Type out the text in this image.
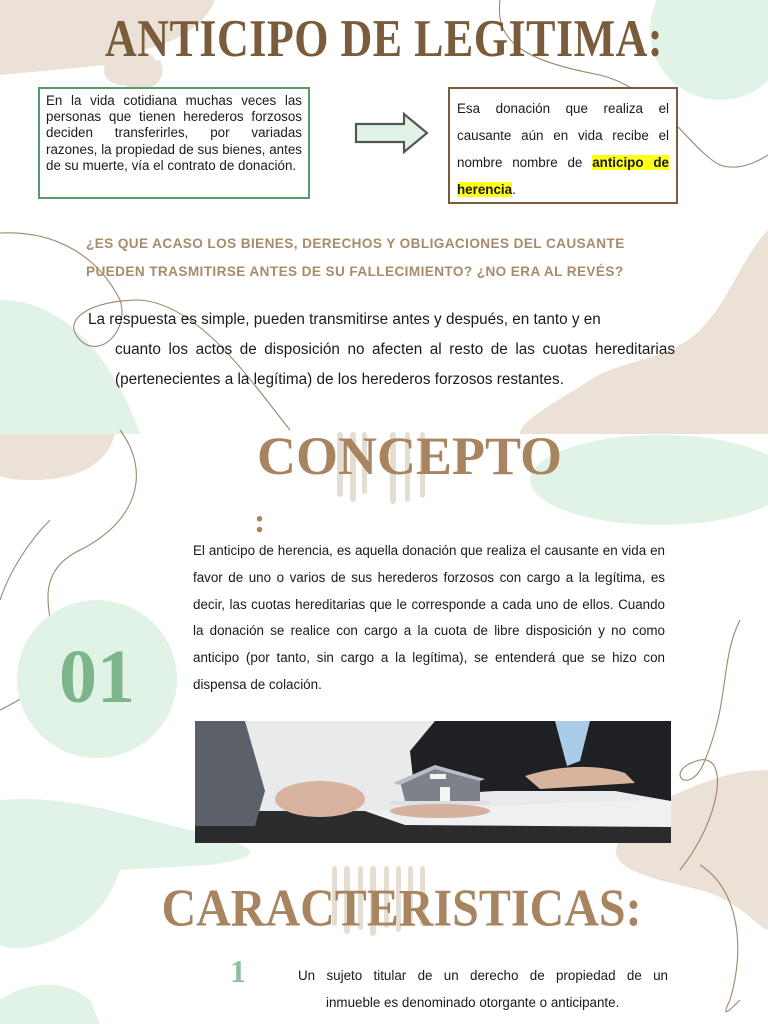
ANTICIPO DE LEGITIMA:
En la vida cotidiana muchas veces las personas que tienen herederos forzosos deciden transferirles, por variadas razones, la propiedad de sus bienes, antes de su muerte, vía el contrato de donación.
Esa donación que realiza el causante aún en vida recibe el nombre nombre de anticipo de herencia.
¿ES QUE ACASO LOS BIENES, DERECHOS Y OBLIGACIONES DEL CAUSANTE PUEDEN TRASMITIRSE ANTES DE SU FALLECIMIENTO? ¿NO ERA AL REVÉS?
La respuesta es simple, pueden transmitirse antes y después, en tanto y en
cuanto los actos de disposición no afecten al resto de las cuotas hereditarias (pertenecientes a la legítima) de los herederos forzosos restantes.
CONCEPTO
:
01
El anticipo de herencia, es aquella donación que realiza el causante en vida en favor de uno o varios de sus herederos forzosos con cargo a la legítima, es decir, las cuotas hereditarias que le corresponde a cada uno de ellos. Cuando la donación se realice con cargo a la cuota de libre disposición y no como anticipo (por tanto, sin cargo a la legítima), se entenderá que se hizo con dispensa de colación.
CARACTERISTICAS:
1	Un sujeto titular de un derecho de propiedad de un
inmueble es denominado otorgante o anticipante.
